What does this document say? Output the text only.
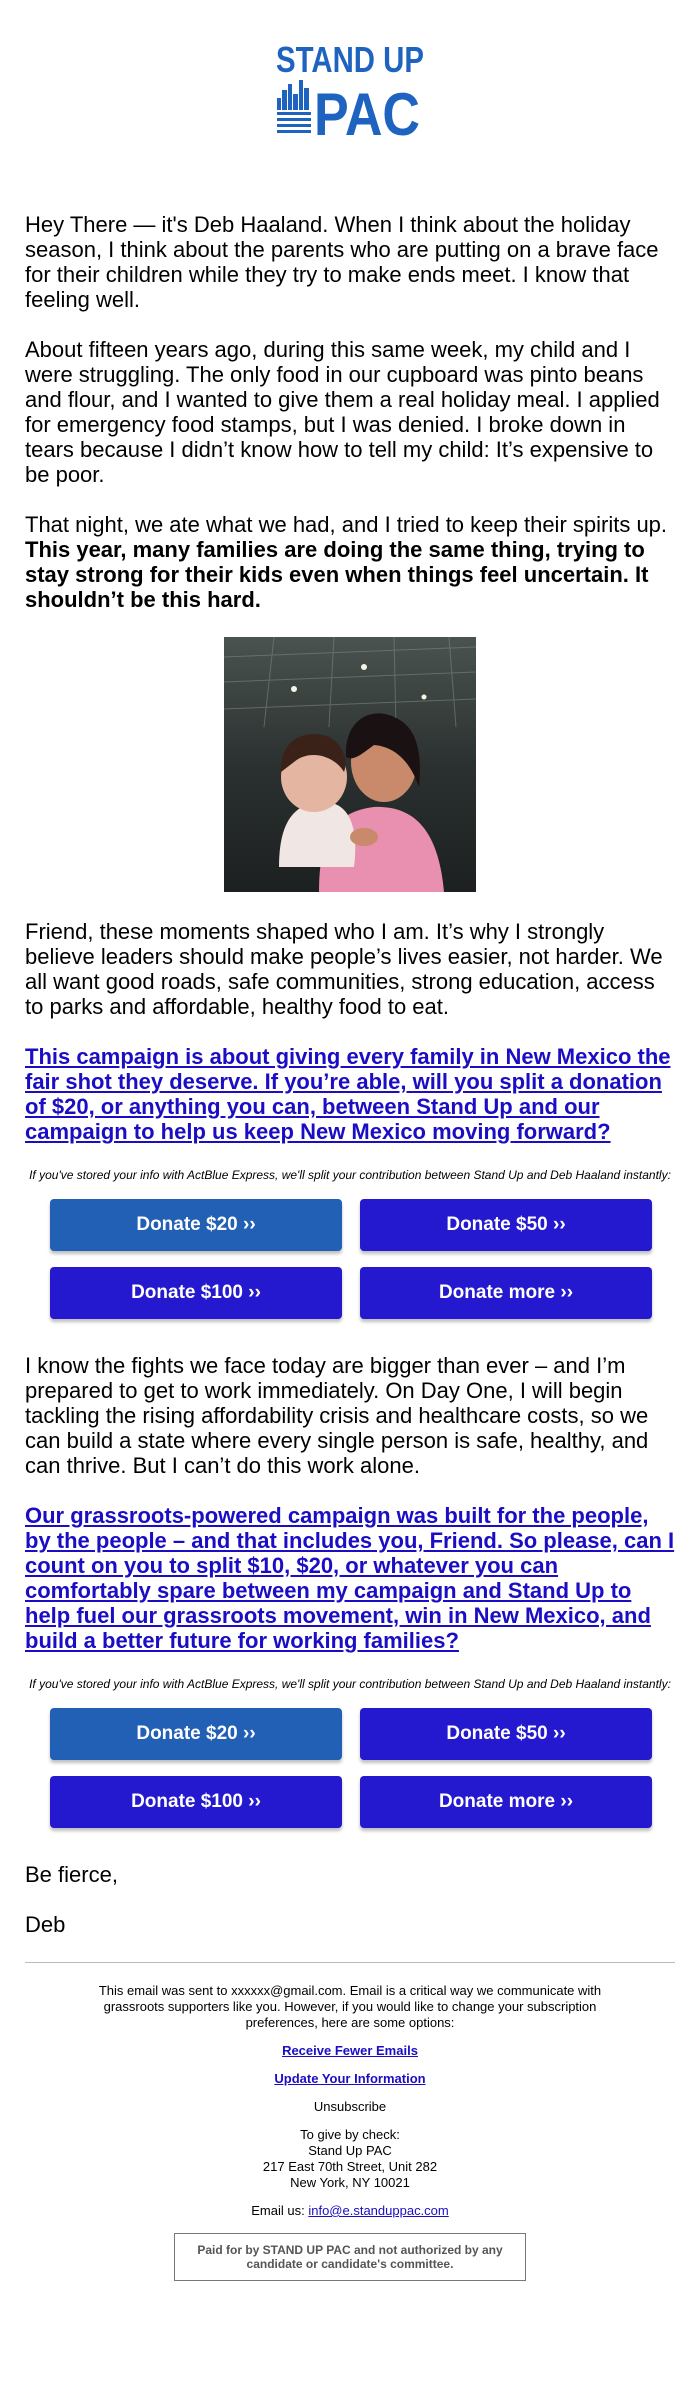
STAND UP
PAC

Hey There — it's Deb Haaland. When I think about the holiday season, I think about the parents who are putting on a brave face for their children while they try to make ends meet. I know that feeling well.

About fifteen years ago, during this same week, my child and I were struggling. The only food in our cupboard was pinto beans and flour, and I wanted to give them a real holiday meal. I applied for emergency food stamps, but I was denied. I broke down in tears because I didn’t know how to tell my child: It’s expensive to be poor.

That night, we ate what we had, and I tried to keep their spirits up. This year, many families are doing the same thing, trying to stay strong for their kids even when things feel uncertain. It shouldn’t be this hard.

Friend, these moments shaped who I am. It’s why I strongly believe leaders should make people’s lives easier, not harder. We all want good roads, safe communities, strong education, access to parks and affordable, healthy food to eat.

This campaign is about giving every family in New Mexico the fair shot they deserve. If you’re able, will you split a donation of $20, or anything you can, between Stand Up and our campaign to help us keep New Mexico moving forward?
If you've stored your info with ActBlue Express, we'll split your contribution between Stand Up and Deb Haaland instantly:
Donate $20 ››	Donate $50 ››
Donate $100 ››	Donate more ››

I know the fights we face today are bigger than ever – and I’m prepared to get to work immediately. On Day One, I will begin tackling the rising affordability crisis and healthcare costs, so we can build a state where every single person is safe, healthy, and can thrive. But I can’t do this work alone.

Our grassroots-powered campaign was built for the people, by the people – and that includes you, Friend. So please, can I count on you to split $10, $20, or whatever you can comfortably spare between my campaign and Stand Up to help fuel our grassroots movement, win in New Mexico, and build a better future for working families?
If you've stored your info with ActBlue Express, we'll split your contribution between Stand Up and Deb Haaland instantly:
Donate $20 ››	Donate $50 ››
Donate $100 ››	Donate more ››

Be fierce,

Deb

This email was sent to xxxxxx@gmail.com. Email is a critical way we communicate with grassroots supporters like you. However, if you would like to change your subscription preferences, here are some options:

Receive Fewer Emails

Update Your Information

Unsubscribe

To give by check:

Stand Up PAC

217 East 70th Street, Unit 282

New York, NY 10021

Email us: info@e.standuppac.com

Paid for by STAND UP PAC and not authorized by any candidate or candidate's committee.
